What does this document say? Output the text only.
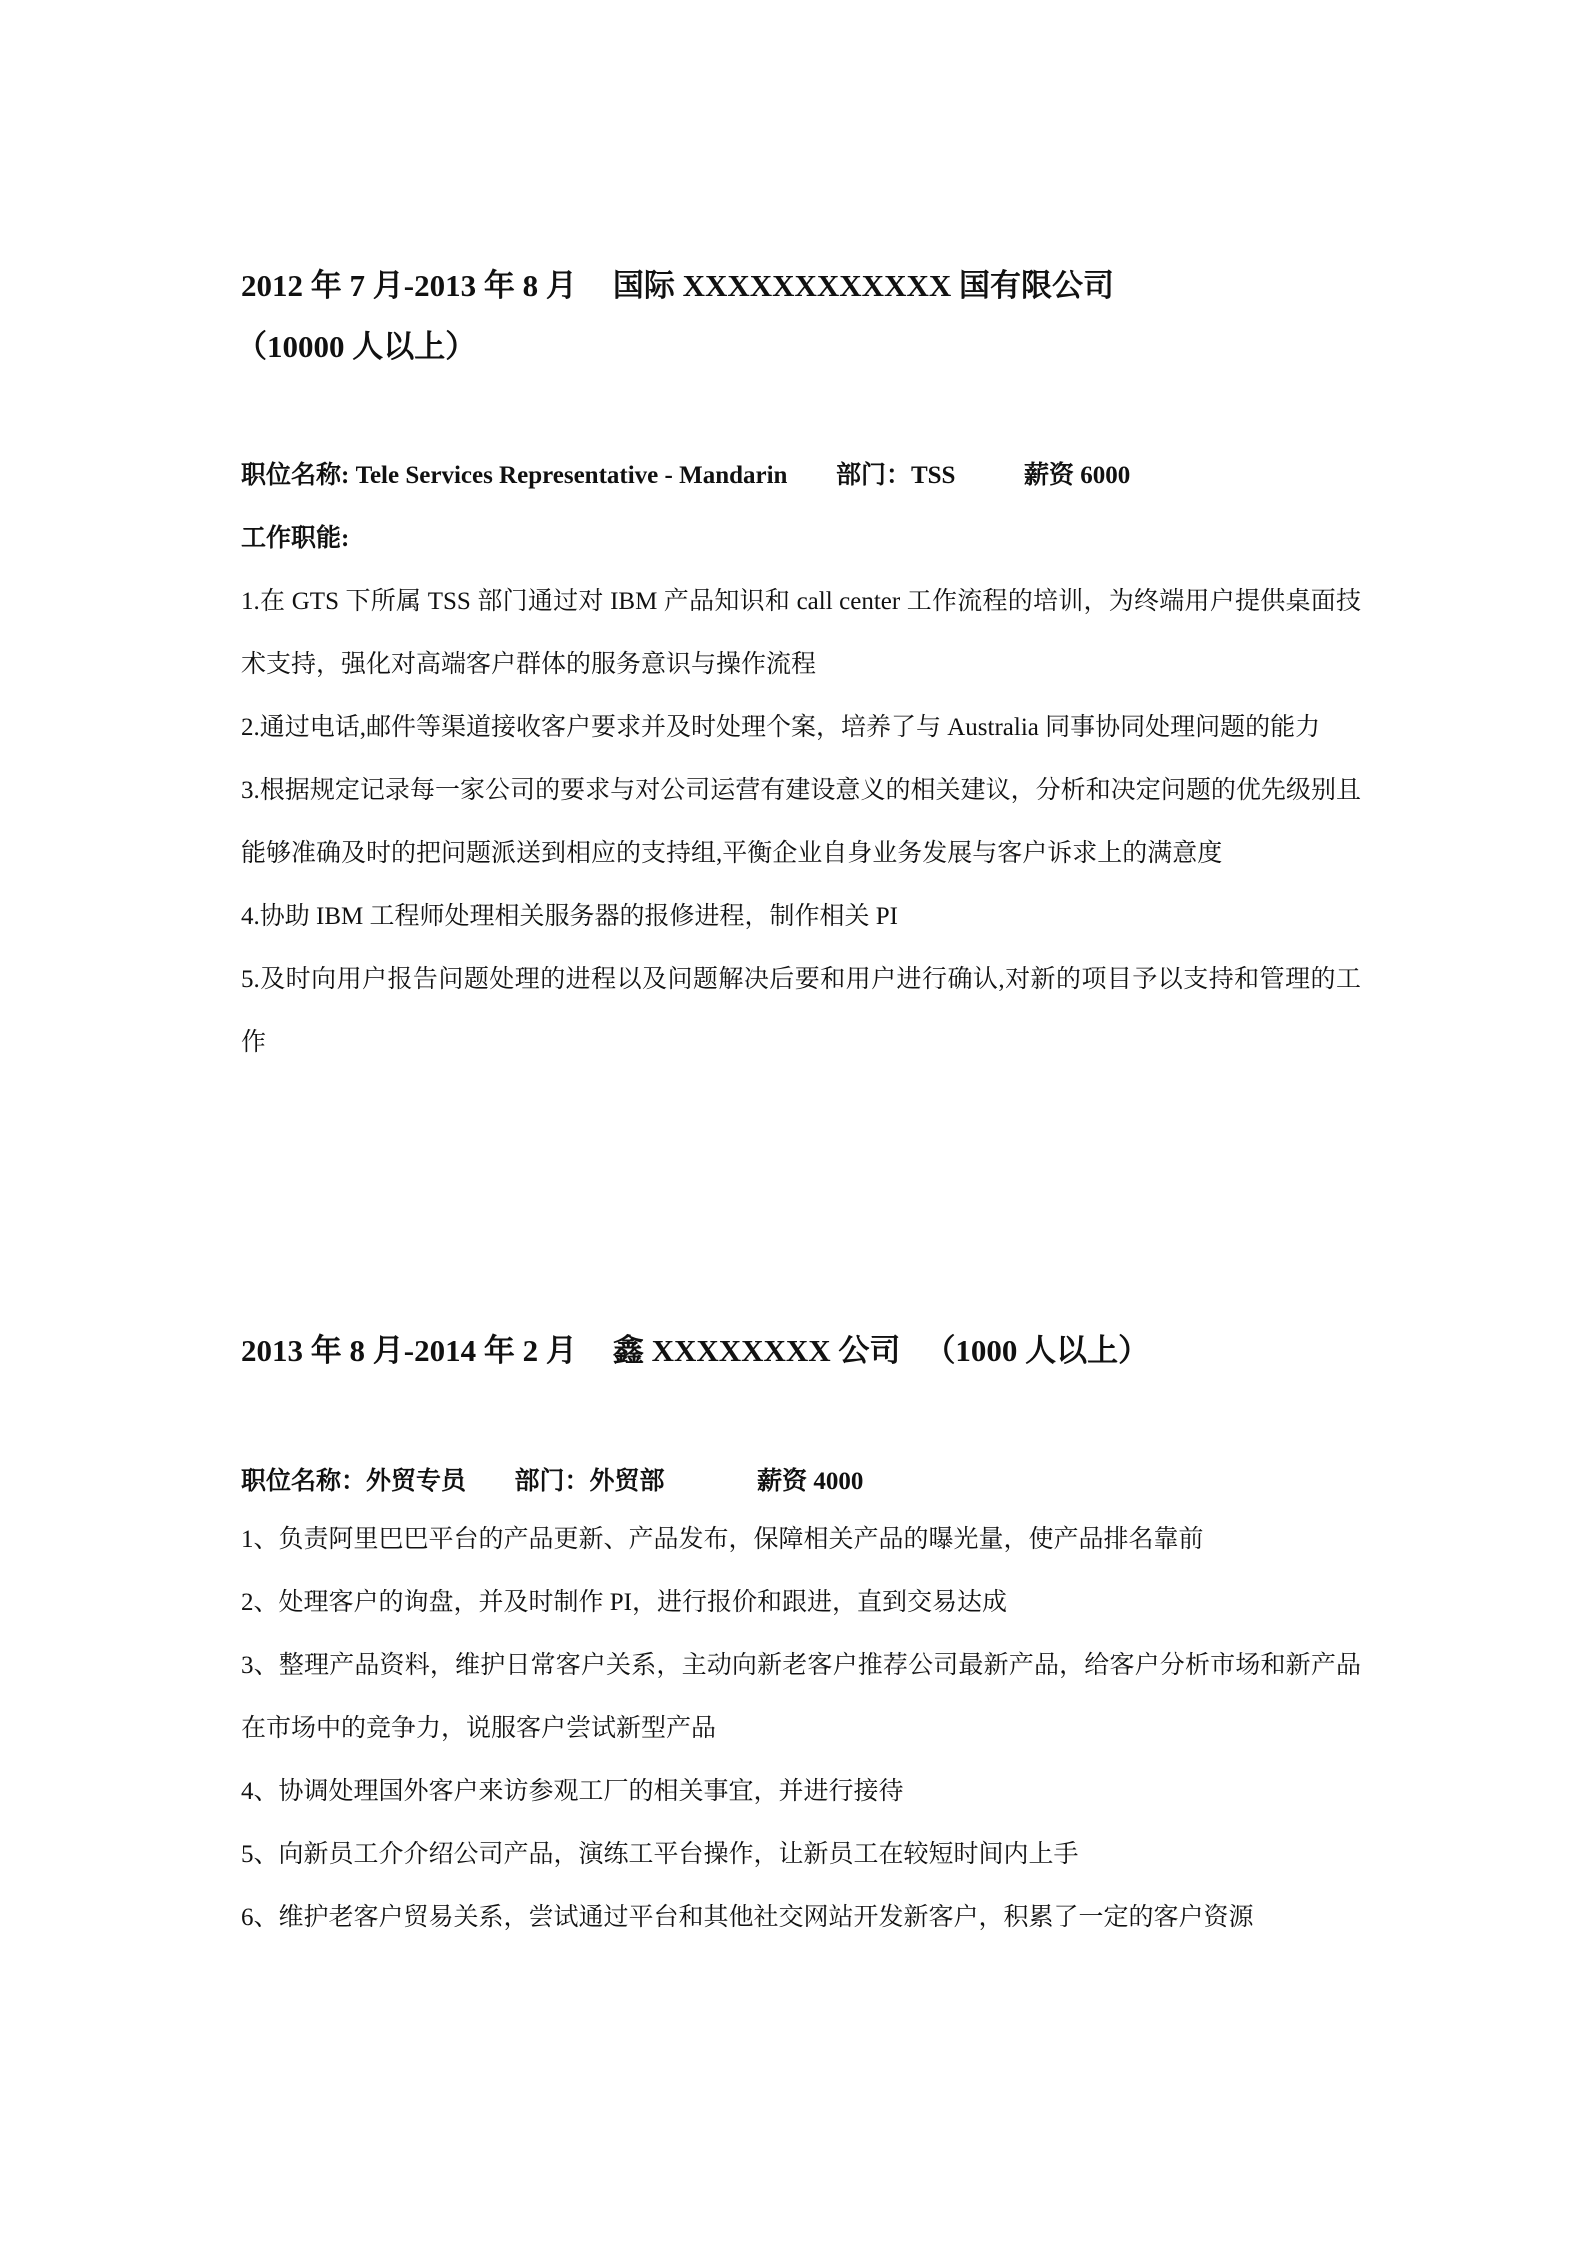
2012 年 7 月-2013 年 8 月 国际 XXXXXXXXXXXX 国有限公司
（10000 人以上）
职位名称: Tele Services Representative - Mandarin 部门：TSS	薪资 6000
工作职能:
1.在 GTS 下所属 TSS 部门通过对 IBM 产品知识和 call center 工作流程的培训，为终端用户提供桌面技术支持，强化对高端客户群体的服务意识与操作流程
2.通过电话,邮件等渠道接收客户要求并及时处理个案，培养了与 Australia 同事协同处理问题的能力
3.根据规定记录每一家公司的要求与对公司运营有建设意义的相关建议，分析和决定问题的优先级别且能够准确及时的把问题派送到相应的支持组,平衡企业自身业务发展与客户诉求上的满意度
4.协助 IBM 工程师处理相关服务器的报修进程，制作相关 PI
5.及时向用户报告问题处理的进程以及问题解决后要和用户进行确认,对新的项目予以支持和管理的工作
2013 年 8 月-2014 年 2 月 鑫 XXXXXXXX 公司 （1000 人以上）
职位名称：外贸专员 部门：外贸部	薪资 4000
1、负责阿里巴巴平台的产品更新、产品发布，保障相关产品的曝光量，使产品排名靠前
2、处理客户的询盘，并及时制作 PI，进行报价和跟进，直到交易达成
3、整理产品资料，维护日常客户关系，主动向新老客户推荐公司最新产品，给客户分析市场和新产品在市场中的竞争力，说服客户尝试新型产品
4、协调处理国外客户来访参观工厂的相关事宜，并进行接待
5、向新员工介介绍公司产品，演练工平台操作，让新员工在较短时间内上手
6、维护老客户贸易关系，尝试通过平台和其他社交网站开发新客户，积累了一定的客户资源
